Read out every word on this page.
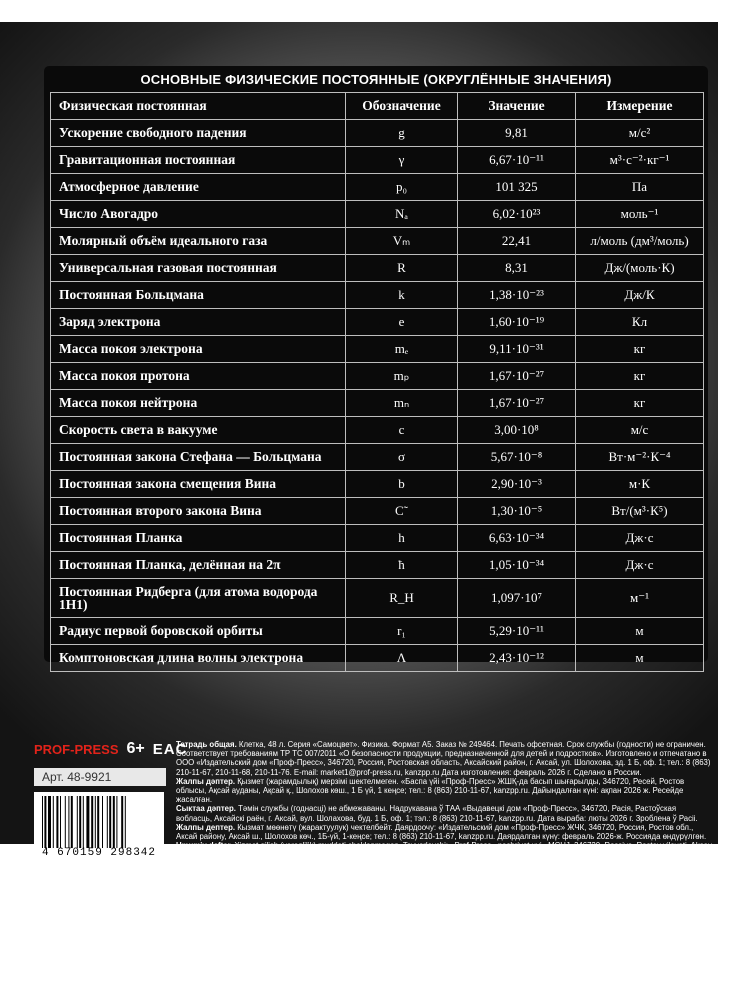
ОСНОВНЫЕ ФИЗИЧЕСКИЕ ПОСТОЯННЫЕ (ОКРУГЛЁННЫЕ ЗНАЧЕНИЯ)
Физическая постоянная	Обозначение	Значение	Измерение
Ускорение свободного падения	g	9,81	м/с²
Гравитационная постоянная	γ	6,67·10⁻¹¹	м³·с⁻²·кг⁻¹
Атмосферное давление	p₀	101 325	Па
Число Авогадро	Nₐ	6,02·10²³	моль⁻¹
Молярный объём идеального газа	Vₘ	22,41	л/моль (дм³/моль)
Универсальная газовая постоянная	R	8,31	Дж/(моль·К)
Постоянная Больцмана	k	1,38·10⁻²³	Дж/К
Заряд электрона	e	1,60·10⁻¹⁹	Кл
Масса покоя электрона	mₑ	9,11·10⁻³¹	кг
Масса покоя протона	mₚ	1,67·10⁻²⁷	кг
Масса покоя нейтрона	mₙ	1,67·10⁻²⁷	кг
Скорость света в вакууме	c	3,00·10⁸	м/с
Постоянная закона Стефана — Больцмана	σ	5,67·10⁻⁸	Вт·м⁻²·К⁻⁴
Постоянная закона смещения Вина	b	2,90·10⁻³	м·К
Постоянная второго закона Вина	C˜	1,30·10⁻⁵	Вт/(м³·К⁵)
Постоянная Планка	h	6,63·10⁻³⁴	Дж·с
Постоянная Планка, делённая на 2π	ħ	1,05·10⁻³⁴	Дж·с
Постоянная Ридберга (для атома водорода 1H1)	R_H	1,097·10⁷	м⁻¹
Радиус первой боровской орбиты	r₁	5,29·10⁻¹¹	м
Комптоновская длина волны электрона	Λ	2,43·10⁻¹²	м
PROF-PRESS 6+ EAC
Арт. 48-9921
4 670159 298342

Тетрадь общая. Клетка, 48 л. Серия «Самоцвет». Физика. Формат А5. Заказ № 249464. Печать офсетная. Срок службы (годности) не ограничен. Соответствует требованиям ТР ТС 007/2011 «О безопасности продукции, предназначенной для детей и подростков». Изготовлено и отпечатано в ООО «Издательский дом «Проф-Пресс», 346720, Россия, Ростовская область, Аксайский район, г. Аксай, ул. Шолохова, зд. 1 Б, оф. 1; тел.: 8 (863) 210-11-67, 210-11-68, 210-11-76. E-mail: market1@prof-press.ru, kanzpp.ru Дата изготовления: февраль 2026 г. Сделано в России.

Жалпы дәптер. Қызмет (жарамдылық) мерзімі шектелмеген. «Баспа үйі «Проф-Пресс» ЖШҚ-да басып шығарылды, 346720, Ресей, Ростов облысы, Ақсай ауданы, Ақсай қ., Шолохов көш., 1 Б үй, 1 кеңсе; тел.: 8 (863) 210-11-67, kanzpp.ru. Дайындалған күні: ақпан 2026 ж. Ресейде жасалған.

Сыктаа дәптер. Тәмін службы (годнасці) не абмежаваны. Надрукавана ў ТАА «Выдавецкі дом «Проф-Пресс», 346720, Расія, Растоўская вобласць, Аксайскі раён, г. Аксай, вул. Шолахова, буд. 1 Б, оф. 1; тэл.: 8 (863) 210-11-67, kanzpp.ru. Дата выраба: люты 2026 г. Зроблена ў Расіі.

Жалпы дептер. Кызмат мөөнөтү (жарактуулук) чектелбейт. Даярдоочу: «Издательский дом «Проф-Пресс» ЖЧК, 346720, Россия, Ростов обл., Аксай району, Аксай ш., Шолохов көч., 1Б-үй, 1-кеңсе; тел.: 8 (863) 210-11-67, kanzpp.ru. Даярдалган күнү: февраль 2026-ж. Россияда өндүрүлгөн.

Umumiy daftar. Xizmat qilish (yaroqlilik) muddati cheklanmagan. Tayyorlovchi: «Prof-Press» nashriyot uyi» MCHJ, 346720, Rossiya, Rostov viloyati, Aksay tumani, Aksay shahri, Sholoxov ko'chasi, 1 B uy, 1-ofis. Tel.: 8 (863) 210-11-67, kanzpp.ru. Tayyorlangan sanasi: 2026-yil fevral. Rossiyada ishlab chiqarilgan.
